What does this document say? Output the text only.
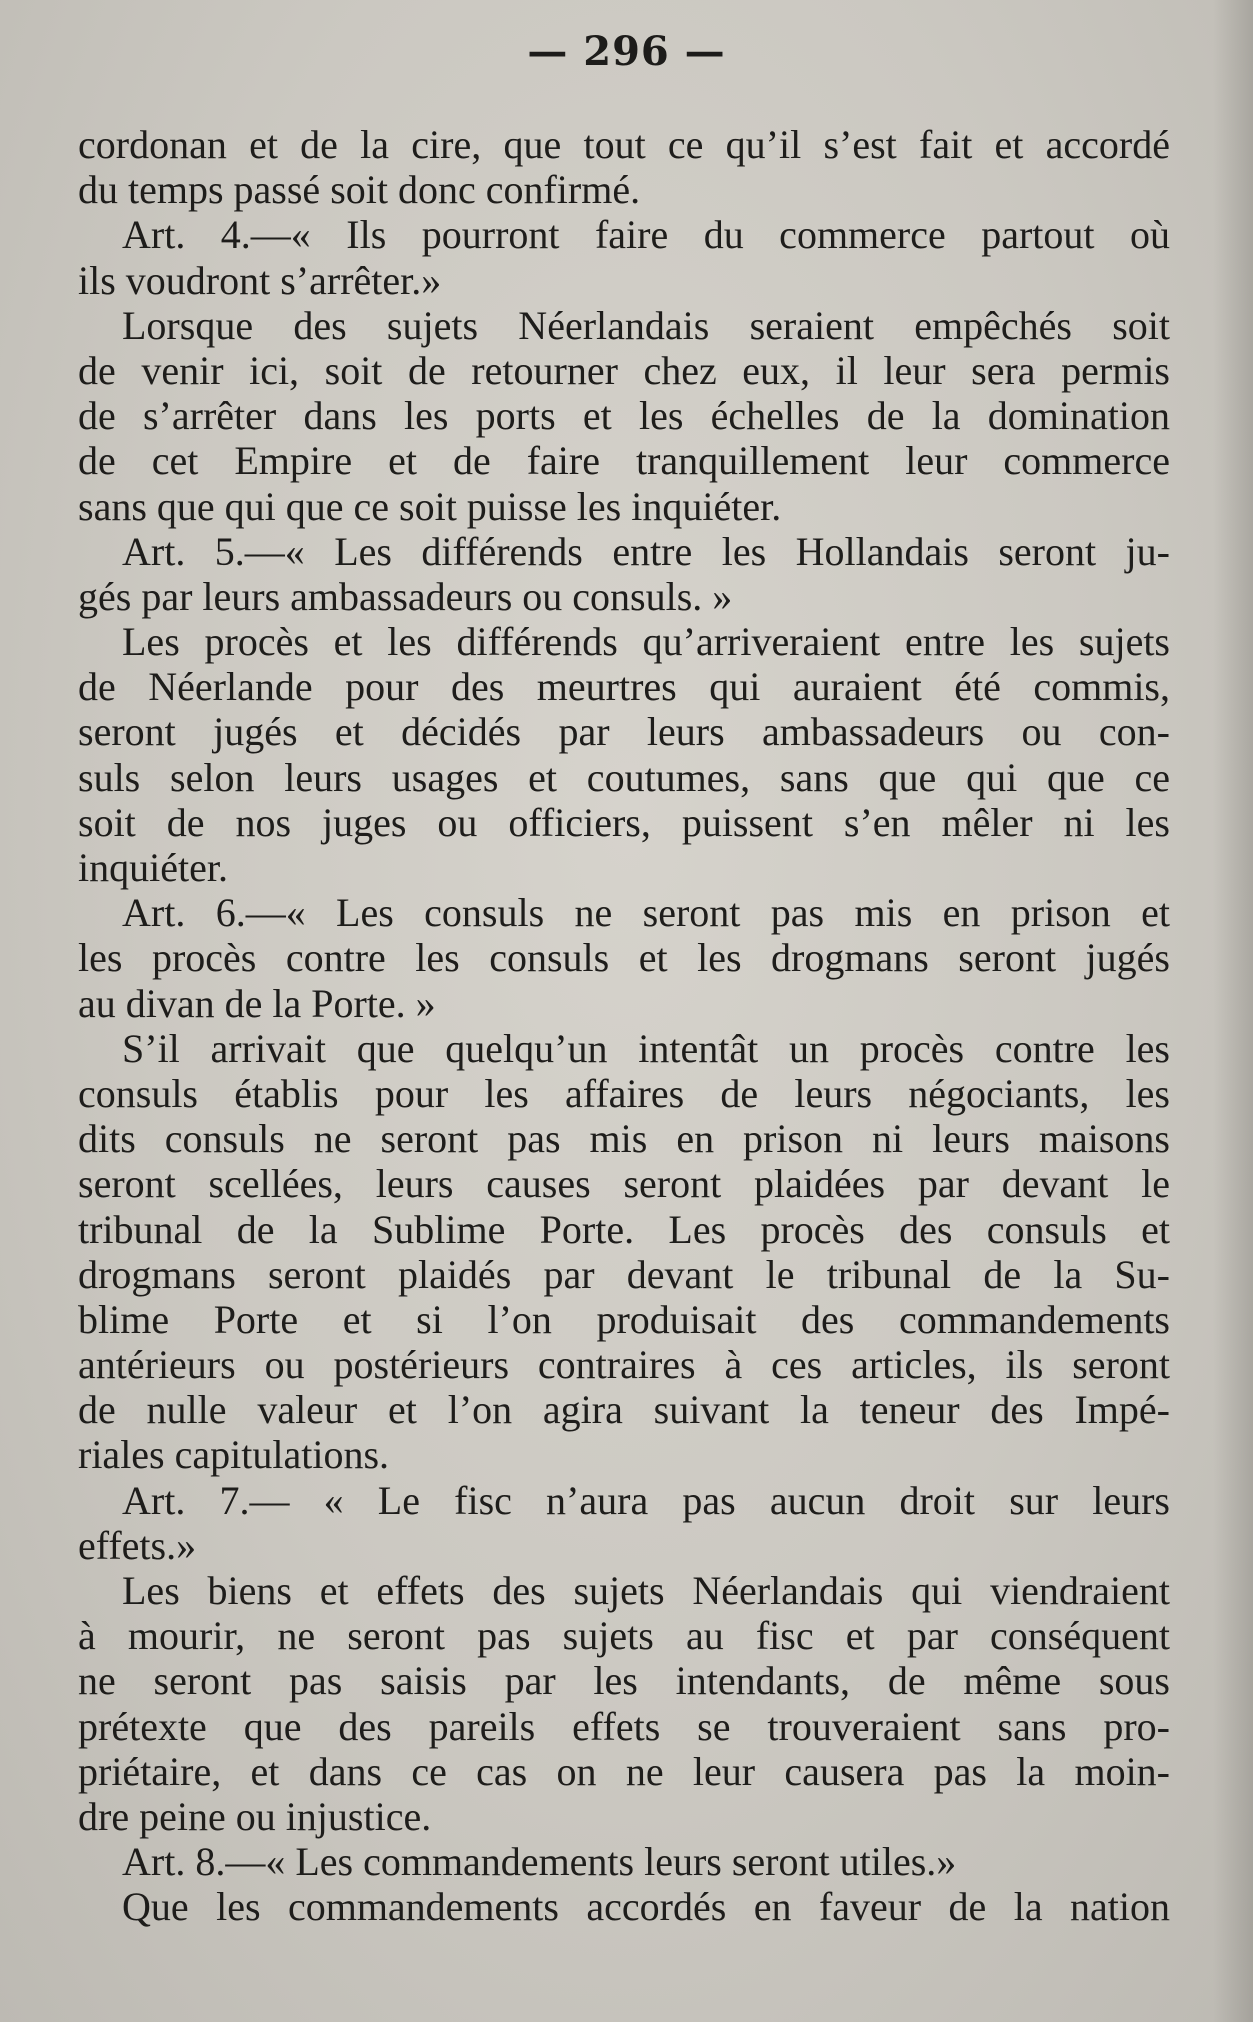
— 296 —
cordonan et de la cire, que tout ce qu’il s’est fait et accordé
du temps passé soit donc confirmé.
Art. 4.—« Ils pourront faire du commerce partout où
ils voudront s’arrêter.»
Lorsque des sujets Néerlandais seraient empêchés soit
de venir ici, soit de retourner chez eux, il leur sera permis
de s’arrêter dans les ports et les échelles de la domination
de cet Empire et de faire tranquillement leur commerce
sans que qui que ce soit puisse les inquiéter.
Art. 5.—« Les différends entre les Hollandais seront ju-
gés par leurs ambassadeurs ou consuls. »
Les procès et les différends qu’arriveraient entre les sujets
de Néerlande pour des meurtres qui auraient été commis,
seront jugés et décidés par leurs ambassadeurs ou con-
suls selon leurs usages et coutumes, sans que qui que ce
soit de nos juges ou officiers, puissent s’en mêler ni les
inquiéter.
Art. 6.—« Les consuls ne seront pas mis en prison et
les procès contre les consuls et les drogmans seront jugés
au divan de la Porte. »
S’il arrivait que quelqu’un intentât un procès contre les
consuls établis pour les affaires de leurs négociants, les
dits consuls ne seront pas mis en prison ni leurs maisons
seront scellées, leurs causes seront plaidées par devant le
tribunal de la Sublime Porte. Les procès des consuls et
drogmans seront plaidés par devant le tribunal de la Su-
blime Porte et si l’on produisait des commandements
antérieurs ou postérieurs contraires à ces articles, ils seront
de nulle valeur et l’on agira suivant la teneur des Impé-
riales capitulations.
Art. 7.— « Le fisc n’aura pas aucun droit sur leurs
effets.»
Les biens et effets des sujets Néerlandais qui viendraient
à mourir, ne seront pas sujets au fisc et par conséquent
ne seront pas saisis par les intendants, de même sous
prétexte que des pareils effets se trouveraient sans pro-
priétaire, et dans ce cas on ne leur causera pas la moin-
dre peine ou injustice.
Art. 8.—« Les commandements leurs seront utiles.»
Que les commandements accordés en faveur de la nation
